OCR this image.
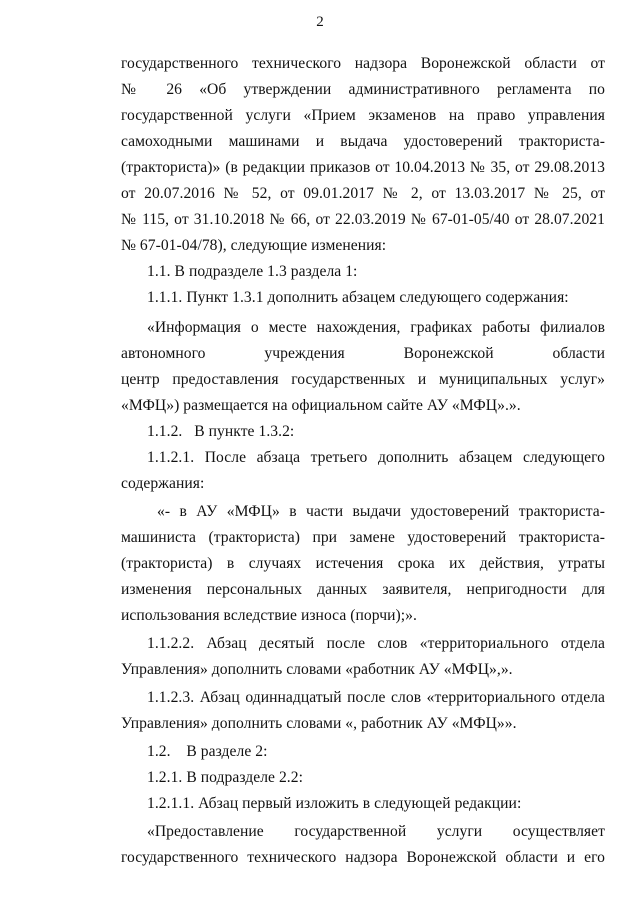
2
государственного технического надзора Воронежской области от
№ 26 «Об утверждении административного регламента по
государственной услуги «Прием экзаменов на право управления
самоходными машинами и выдача удостоверений тракториста-
(тракториста)» (в редакции приказов от 10.04.2013 № 35, от 29.08.2013
от 20.07.2016 № 52, от 09.01.2017 № 2, от 13.03.2017 № 25, от
№ 115, от 31.10.2018 № 66, от 22.03.2019 № 67-01-05/40 от 28.07.2021
№ 67-01-04/78), следующие изменения:
1.1. В подразделе 1.3 раздела 1:
1.1.1. Пункт 1.3.1 дополнить абзацем следующего содержания:
«Информация о месте нахождения, графиках работы филиалов
автономного учреждения Воронежской области
центр предоставления государственных и муниципальных услуг»
«МФЦ») размещается на официальном сайте АУ «МФЦ».».
1.1.2.   В пункте 1.3.2:
1.1.2.1. После абзаца третьего дополнить абзацем следующего
содержания:
«- в АУ «МФЦ» в части выдачи удостоверений тракториста-
машиниста (тракториста) при замене удостоверений тракториста-
(тракториста) в случаях истечения срока их действия, утраты
изменения персональных данных заявителя, непригодности для
использования вследствие износа (порчи);».
1.1.2.2. Абзац десятый после слов «территориального отдела
Управления» дополнить словами «работник АУ «МФЦ»,».
1.1.2.3. Абзац одиннадцатый после слов «территориального отдела
Управления» дополнить словами «, работник АУ «МФЦ»».
1.2.    В разделе 2:
1.2.1. В подразделе 2.2:
1.2.1.1. Абзац первый изложить в следующей редакции:
«Предоставление государственной услуги осуществляет
государственного технического надзора Воронежской области и его
